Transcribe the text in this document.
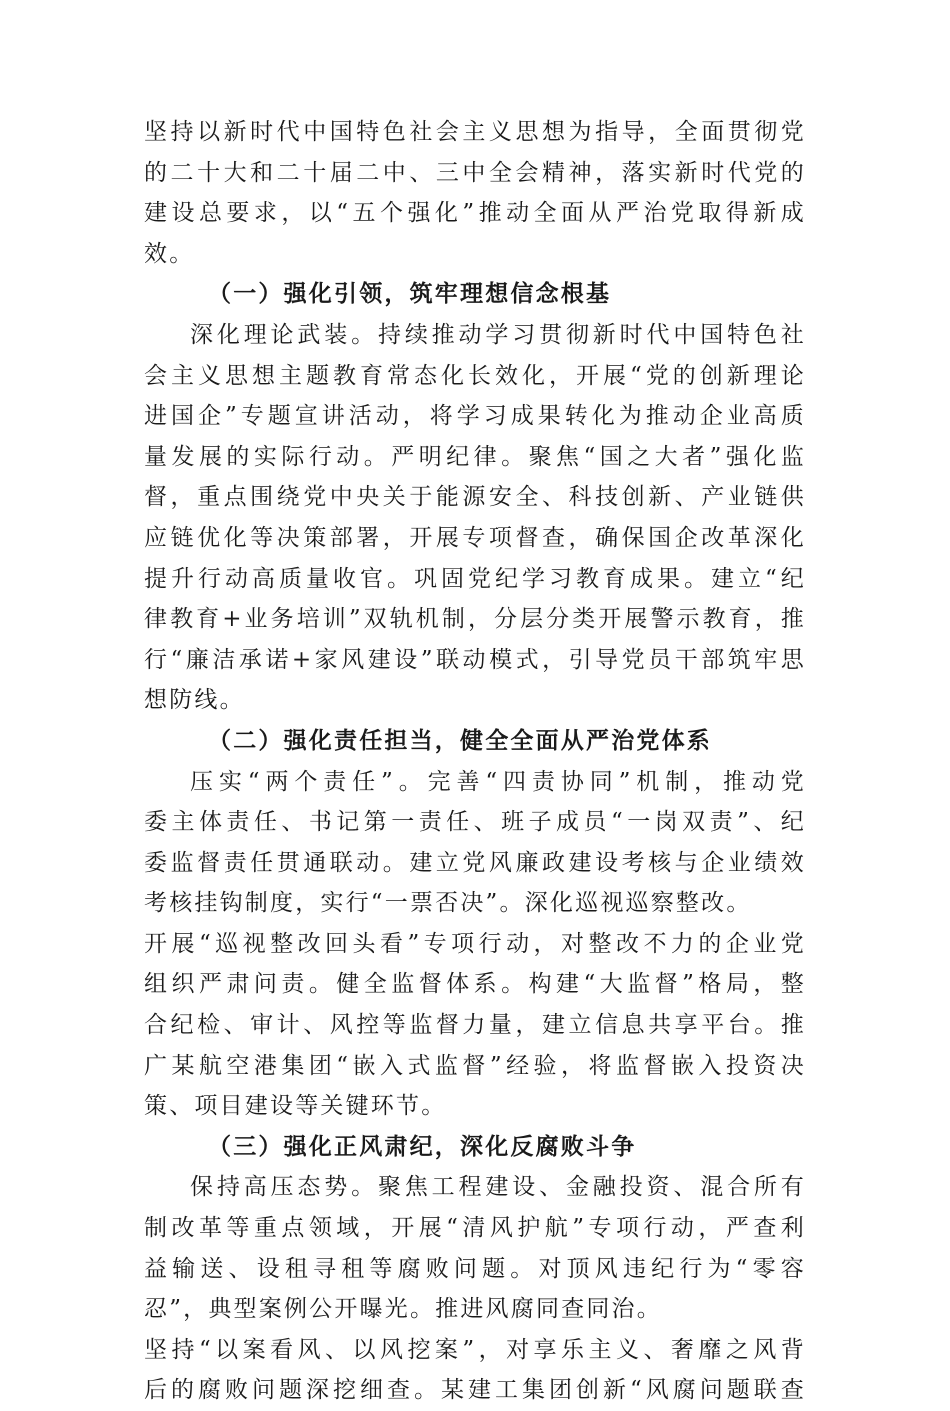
坚持以新时代中国特色社会主义思想为指导，全面贯彻党
的二十大和二十届二中、三中全会精神，落实新时代党的
建设总要求，以“五个强化”推动全面从严治党取得新成
效。
（一）强化引领，筑牢理想信念根基
深化理论武装。持续推动学习贯彻新时代中国特色社
会主义思想主题教育常态化长效化，开展“党的创新理论
进国企”专题宣讲活动，将学习成果转化为推动企业高质
量发展的实际行动。严明纪律。聚焦“国之大者”强化监
督，重点围绕党中央关于能源安全、科技创新、产业链供
应链优化等决策部署，开展专项督查，确保国企改革深化
提升行动高质量收官。巩固党纪学习教育成果。建立“纪
律教育+业务培训”双轨机制，分层分类开展警示教育，推
行“廉洁承诺+家风建设”联动模式，引导党员干部筑牢思
想防线。
（二）强化责任担当，健全全面从严治党体系
压实“两个责任”。完善“四责协同”机制，推动党
委主体责任、书记第一责任、班子成员“一岗双责”、纪
委监督责任贯通联动。建立党风廉政建设考核与企业绩效
考核挂钩制度，实行“一票否决”。深化巡视巡察整改。
开展“巡视整改回头看”专项行动，对整改不力的企业党
组织严肃问责。健全监督体系。构建“大监督”格局，整
合纪检、审计、风控等监督力量，建立信息共享平台。推
广某航空港集团“嵌入式监督”经验，将监督嵌入投资决
策、项目建设等关键环节。
（三）强化正风肃纪，深化反腐败斗争
保持高压态势。聚焦工程建设、金融投资、混合所有
制改革等重点领域，开展“清风护航”专项行动，严查利
益输送、设租寻租等腐败问题。对顶风违纪行为“零容
忍”，典型案例公开曝光。推进风腐同查同治。
坚持“以案看风、以风挖案”，对享乐主义、奢靡之风背
后的腐败问题深挖细查。某建工集团创新“风腐问题联查
